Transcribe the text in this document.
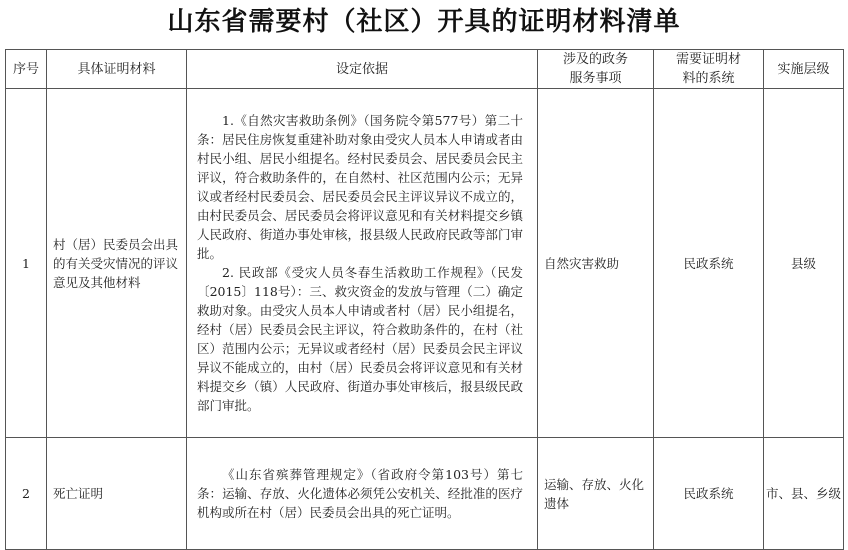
山东省需要村（社区）开具的证明材料清单
序号	具体证明材料	设定依据	涉及的政务服务事项	需要证明材料的系统	实施层级
1	村（居）民委员会出具的有关受灾情况的评议意见及其他材料	1.《自然灾害救助条例》（国务院令第577号）第二十条：居民住房恢复重建补助对象由受灾人员本人申请或者由村民小组、居民小组提名。经村民委员会、居民委员会民主评议，符合救助条件的，在自然村、社区范围内公示；无异议或者经村民委员会、居民委员会民主评议异议不成立的，由村民委员会、居民委员会将评议意见和有关材料提交乡镇人民政府、街道办事处审核，报县级人民政府民政等部门审批。

2. 民政部《受灾人员冬春生活救助工作规程》（民发〔2015〕118号）：三、救灾资金的发放与管理（二）确定救助对象。由受灾人员本人申请或者村（居）民小组提名，经村（居）民委员会民主评议，符合救助条件的，在村（社区）范围内公示；无异议或者经村（居）民委员会民主评议异议不能成立的，由村（居）民委员会将评议意见和有关材料提交乡（镇）人民政府、街道办事处审核后，报县级民政部门审批。	自然灾害救助	民政系统	县级
2	死亡证明	《山东省殡葬管理规定》（省政府令第103号）第七条：运输、存放、火化遗体必须凭公安机关、经批准的医疗机构或所在村（居）民委员会出具的死亡证明。	运输、存放、火化遗体	民政系统	市、县、乡级
